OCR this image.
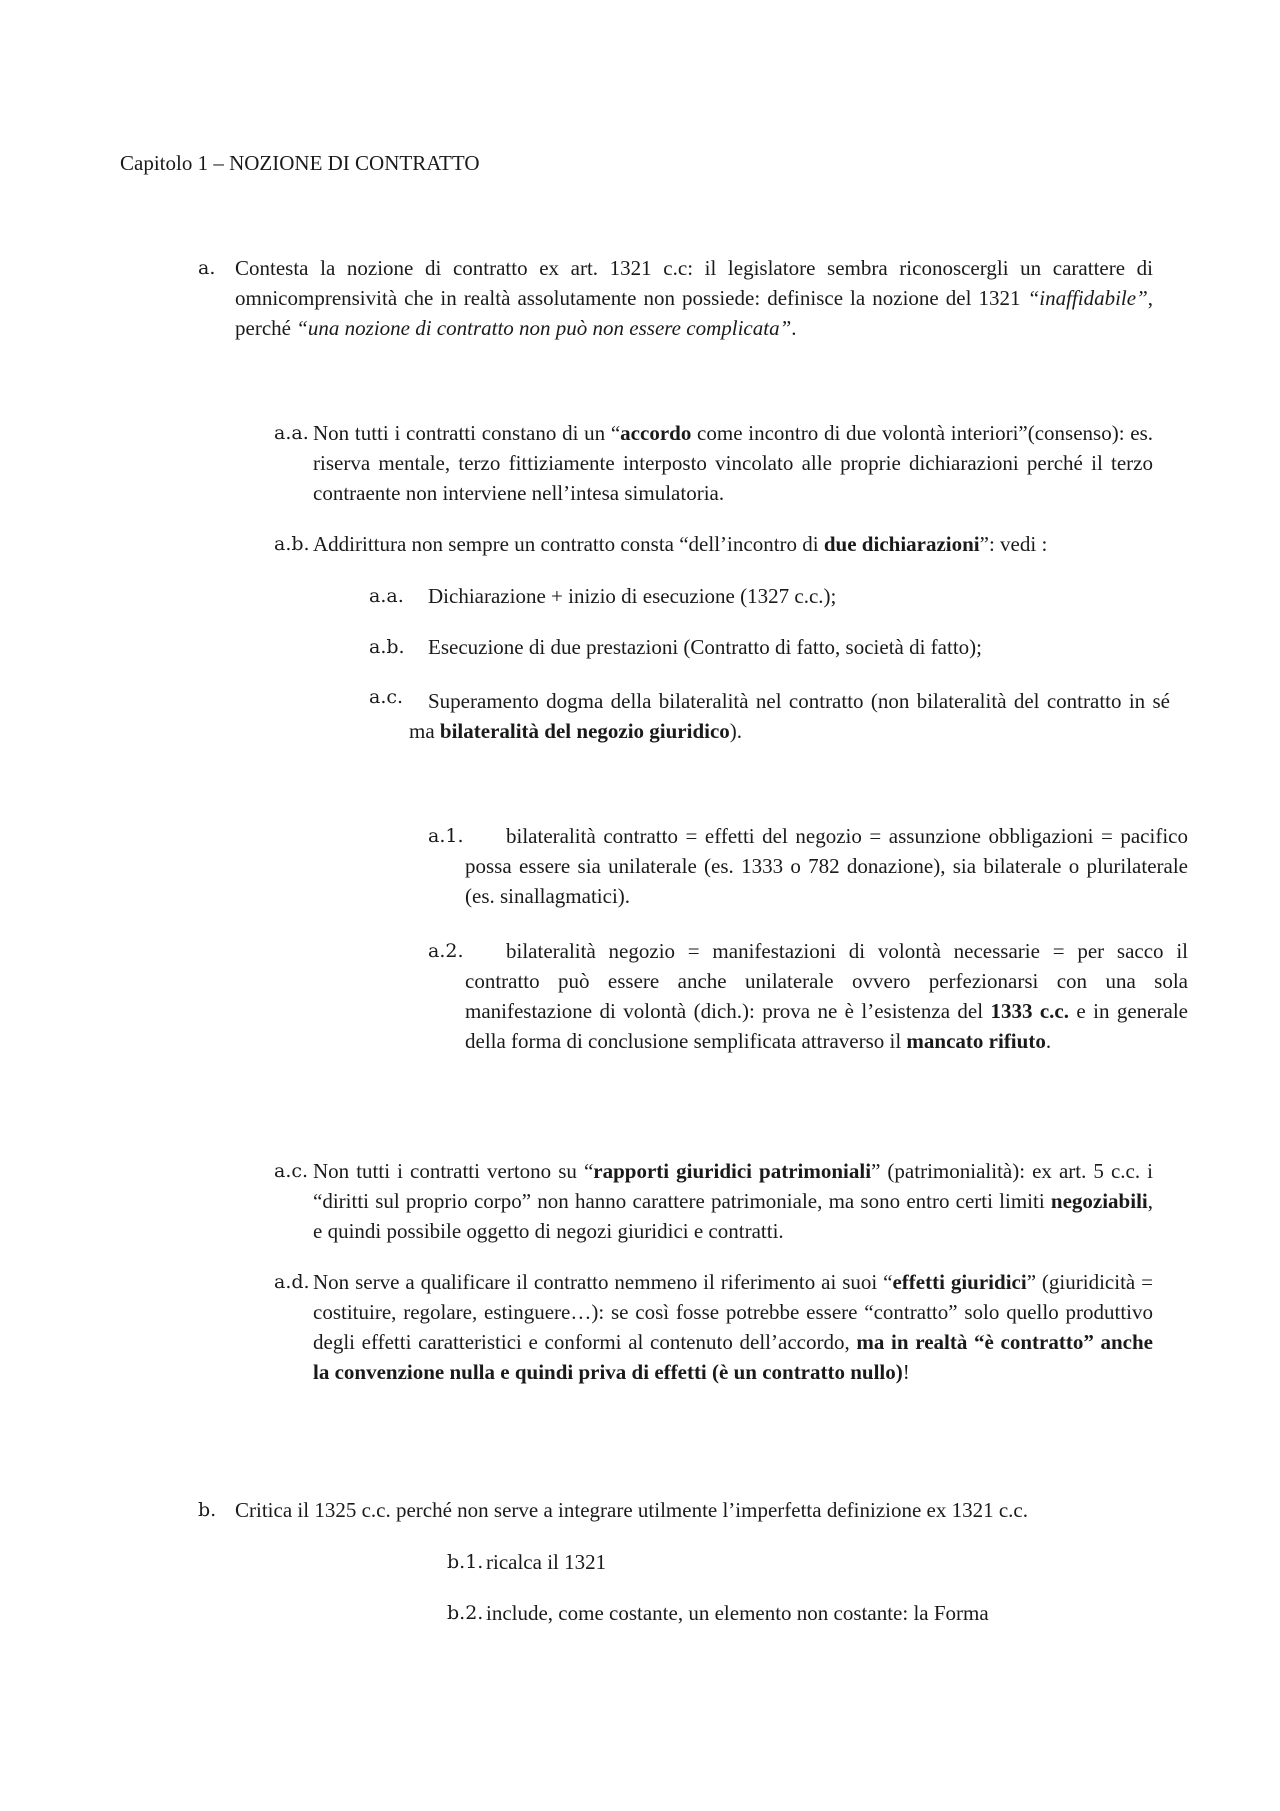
Capitolo 1 – NOZIONE DI CONTRATTO
a. Contesta la nozione di contratto ex art. 1321 c.c: il legislatore sembra riconoscergli un carattere di omnicomprensività che in realtà assolutamente non possiede: definisce la nozione del 1321 “inaffidabile”, perché “una nozione di contratto non può non essere complicata”.
a.a. Non tutti i contratti constano di un “accordo come incontro di due volontà interiori”(consenso): es. riserva mentale, terzo fittiziamente interposto vincolato alle proprie dichiarazioni perché il terzo contraente non interviene nell’intesa simulatoria.
a.b. Addirittura non sempre un contratto consta “dell’incontro di due dichiarazioni”: vedi :
a.a. Dichiarazione + inizio di esecuzione (1327 c.c.);
a.b. Esecuzione di due prestazioni (Contratto di fatto, società di fatto);
a.c.	Superamento dogma della bilateralità nel contratto (non bilateralità del contratto in sé ma bilateralità del negozio giuridico).
a.1.	bilateralità contratto = effetti del negozio = assunzione obbligazioni = pacifico possa essere sia unilaterale (es. 1333 o 782 donazione), sia bilaterale o plurilaterale (es. sinallagmatici).
a.2.	bilateralità negozio = manifestazioni di volontà necessarie = per sacco il contratto può essere anche unilaterale ovvero perfezionarsi con una sola manifestazione di volontà (dich.): prova ne è l’esistenza del 1333 c.c. e in generale della forma di conclusione semplificata attraverso il mancato rifiuto.
a.c. Non tutti i contratti vertono su “rapporti giuridici patrimoniali” (patrimonialità): ex art. 5 c.c. i “diritti sul proprio corpo” non hanno carattere patrimoniale, ma sono entro certi limiti negoziabili, e quindi possibile oggetto di negozi giuridici e contratti.
a.d. Non serve a qualificare il contratto nemmeno il riferimento ai suoi “effetti giuridici” (giuridicità = costituire, regolare, estinguere…): se così fosse potrebbe essere “contratto” solo quello produttivo degli effetti caratteristici e conformi al contenuto dell’accordo, ma in realtà “è contratto” anche la convenzione nulla e quindi priva di effetti (è un contratto nullo)!
b. Critica il 1325 c.c. perché non serve a integrare utilmente l’imperfetta definizione ex 1321 c.c.
b.1. ricalca il 1321
b.2. include, come costante, un elemento non costante: la Forma
